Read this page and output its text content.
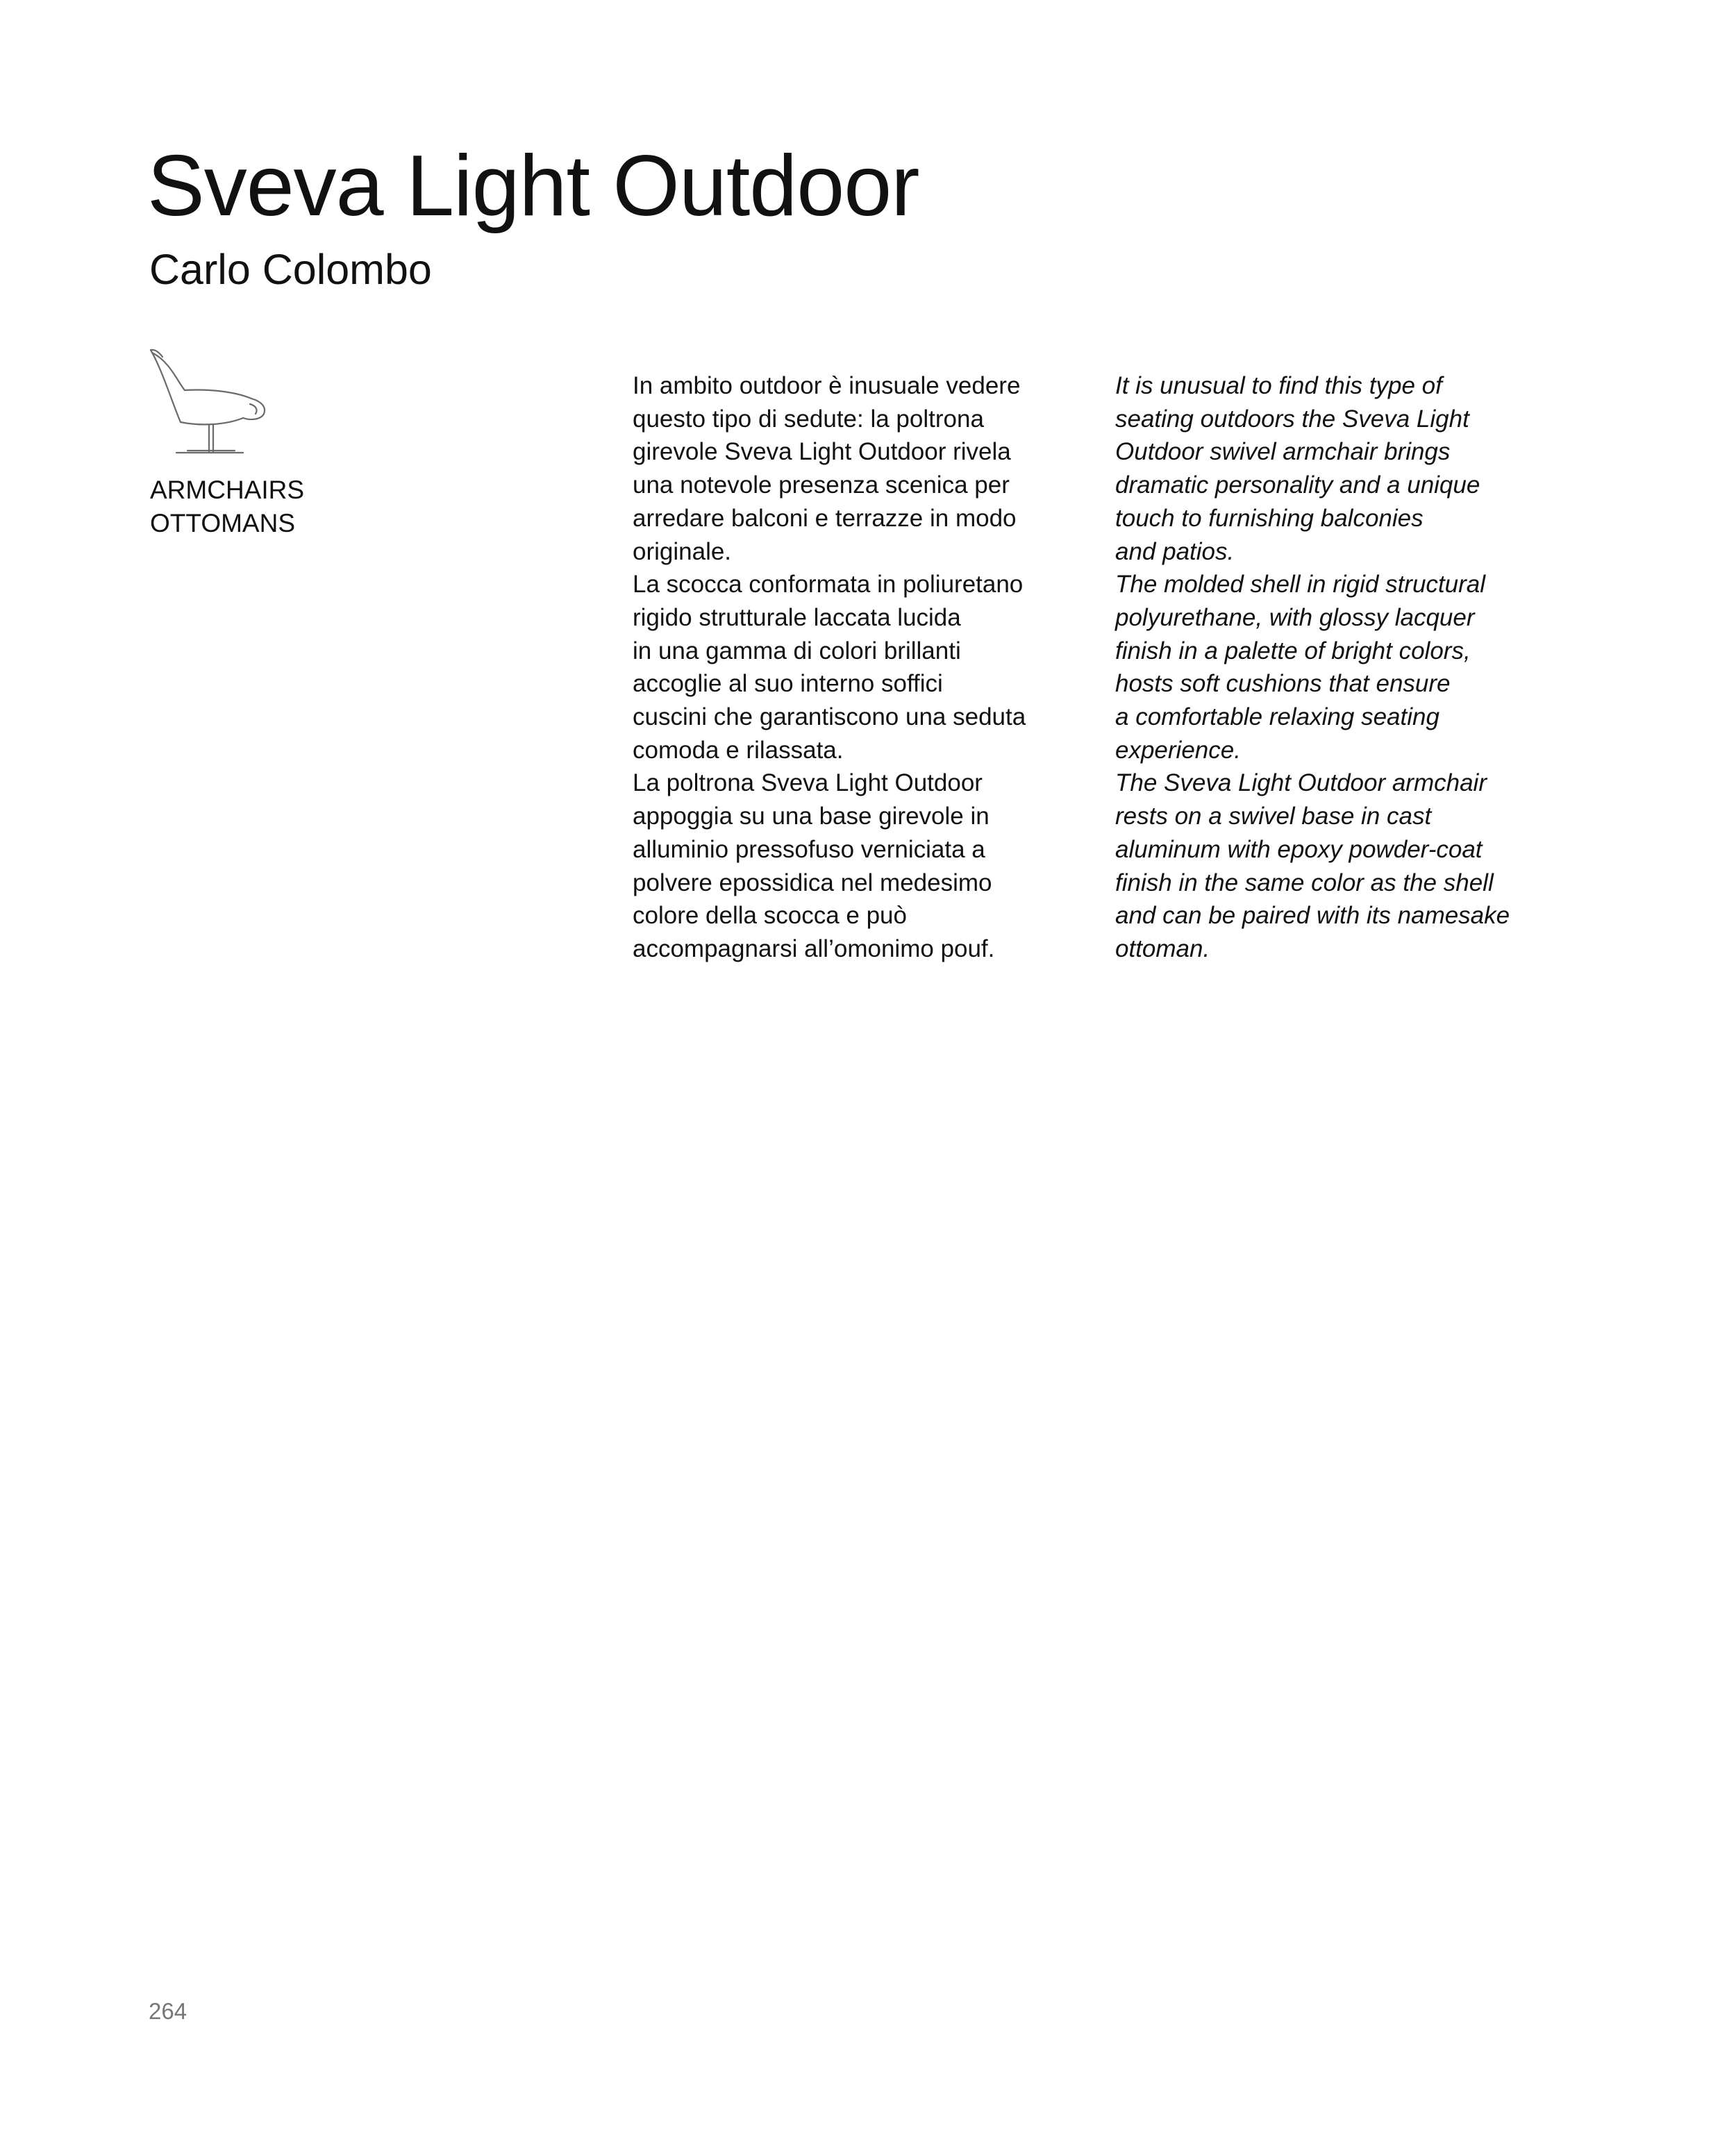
Sveva Light Outdoor
Carlo Colombo
ARMCHAIRS
OTTOMANS
In ambito outdoor è inusuale vedere
questo tipo di sedute: la poltrona
girevole Sveva Light Outdoor rivela
una notevole presenza scenica per
arredare balconi e terrazze in modo
originale.
La scocca conformata in poliuretano
rigido strutturale laccata lucida
in una gamma di colori brillanti
accoglie al suo interno soffici
cuscini che garantiscono una seduta
comoda e rilassata.
La poltrona Sveva Light Outdoor
appoggia su una base girevole in
alluminio pressofuso verniciata a
polvere epossidica nel medesimo
colore della scocca e può
accompagnarsi all’omonimo pouf.
It is unusual to find this type of
seating outdoors the Sveva Light
Outdoor swivel armchair brings
dramatic personality and a unique
touch to furnishing balconies
and patios.
The molded shell in rigid structural
polyurethane, with glossy lacquer
finish in a palette of bright colors,
hosts soft cushions that ensure
a comfortable relaxing seating
experience.
The Sveva Light Outdoor armchair
rests on a swivel base in cast
aluminum with epoxy powder-coat
finish in the same color as the shell
and can be paired with its namesake
ottoman.
264
